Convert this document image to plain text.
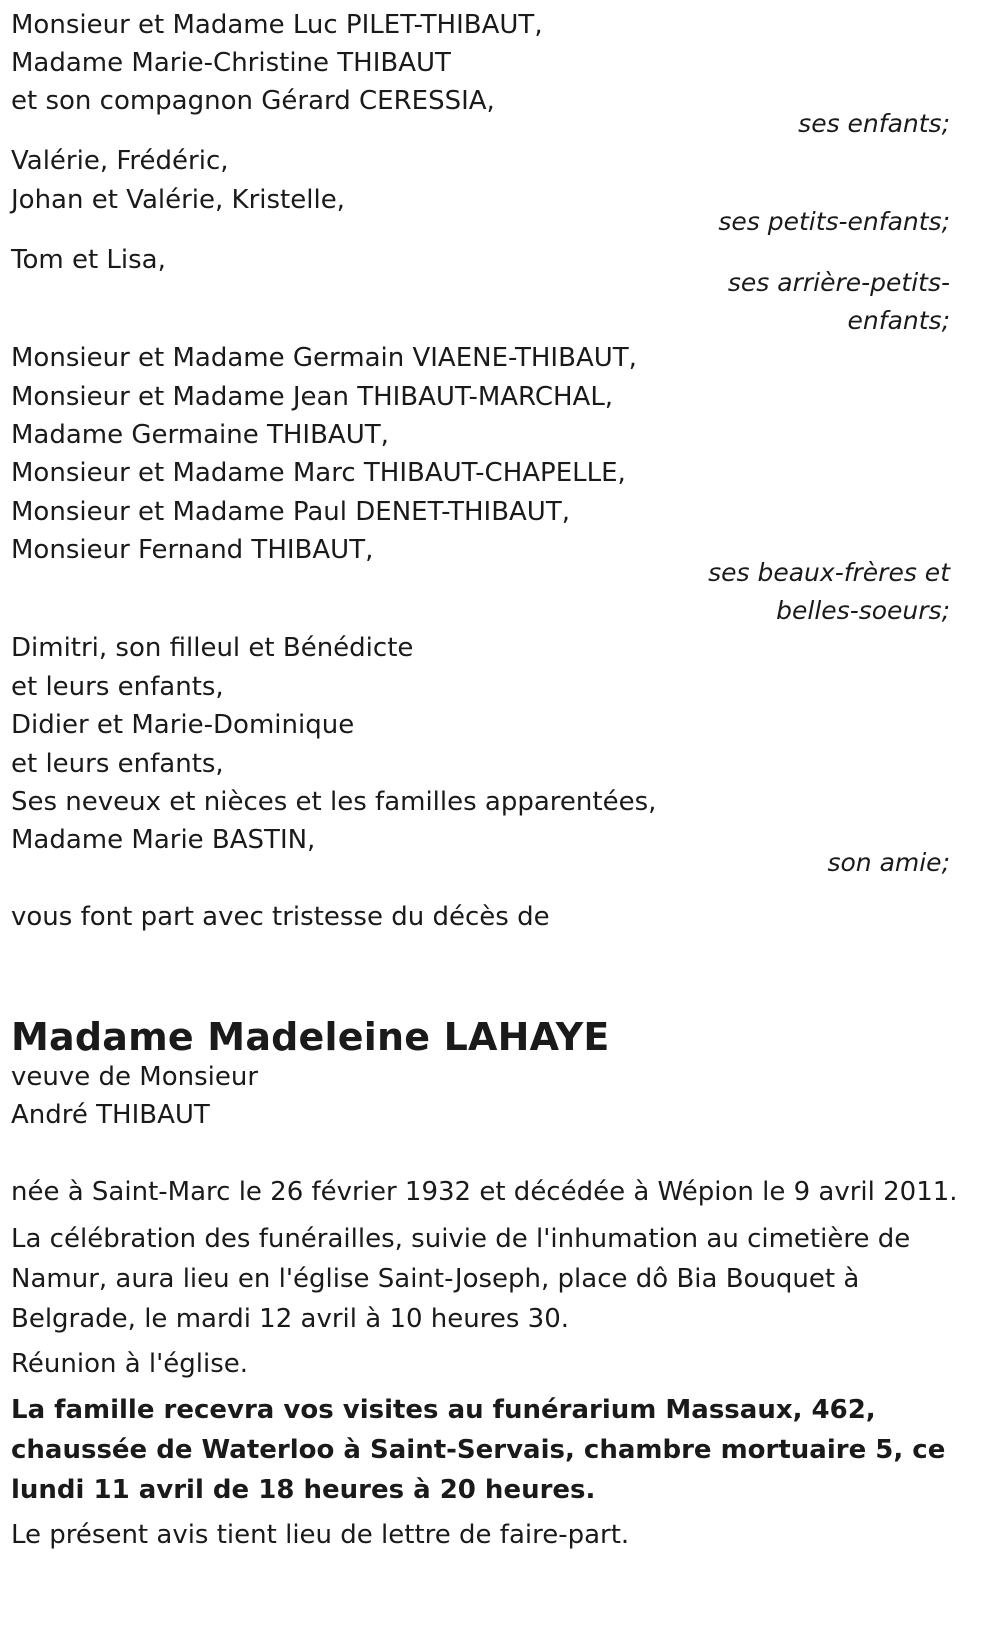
Monsieur et Madame Luc PILET-THIBAUT,
Madame Marie-Christine THIBAUT
et son compagnon Gérard CERESSIA,
ses enfants;
Valérie, Frédéric,
Johan et Valérie, Kristelle,
ses petits-enfants;
Tom et Lisa,
ses arrière-petits-
enfants;
Monsieur et Madame Germain VIAENE-THIBAUT,
Monsieur et Madame Jean THIBAUT-MARCHAL,
Madame Germaine THIBAUT,
Monsieur et Madame Marc THIBAUT-CHAPELLE,
Monsieur et Madame Paul DENET-THIBAUT,
Monsieur Fernand THIBAUT,
ses beaux-frères et
belles-soeurs;
Dimitri, son filleul et Bénédicte
et leurs enfants,
Didier et Marie-Dominique
et leurs enfants,
Ses neveux et nièces et les familles apparentées,
Madame Marie BASTIN,
son amie;
vous font part avec tristesse du décès de
Madame Madeleine LAHAYE
veuve de Monsieur
André THIBAUT
née à Saint-Marc le 26 février 1932 et décédée à Wépion le 9 avril 2011.
La célébration des funérailles, suivie de l'inhumation au cimetière de Namur, aura lieu en l'église Saint-Joseph, place dô Bia Bouquet à Belgrade, le mardi 12 avril à 10 heures 30.
Réunion à l'église.
La famille recevra vos visites au funérarium Massaux, 462, chaussée de Waterloo à Saint-Servais, chambre mortuaire 5, ce lundi 11 avril de 18 heures à 20 heures.
Le présent avis tient lieu de lettre de faire-part.
